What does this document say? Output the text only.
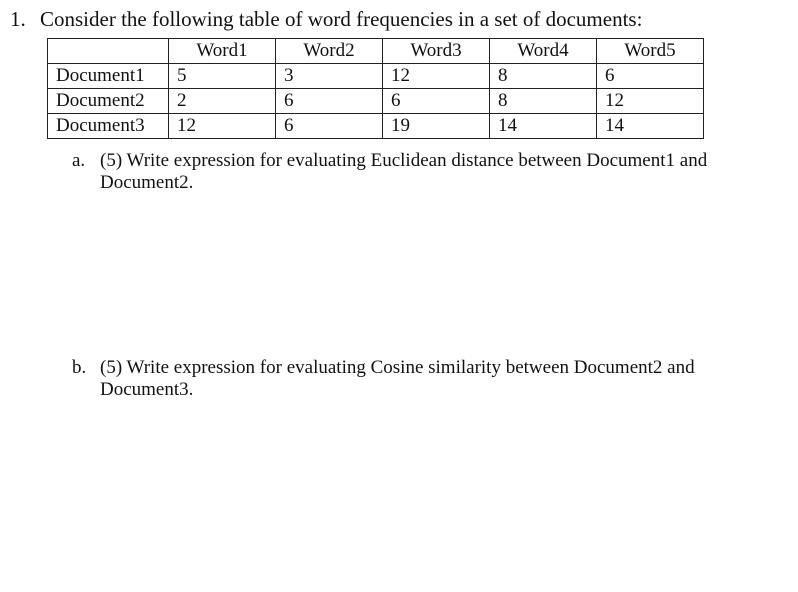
1. Consider the following table of word frequencies in a set of documents:
	Word1	Word2	Word3	Word4	Word5
Document1	5	3	12	8	6
Document2	2	6	6	8	12
Document3	12	6	19	14	14
a. (5) Write expression for evaluating Euclidean distance between Document1 and
Document2.
b. (5) Write expression for evaluating Cosine similarity between Document2 and
Document3.
